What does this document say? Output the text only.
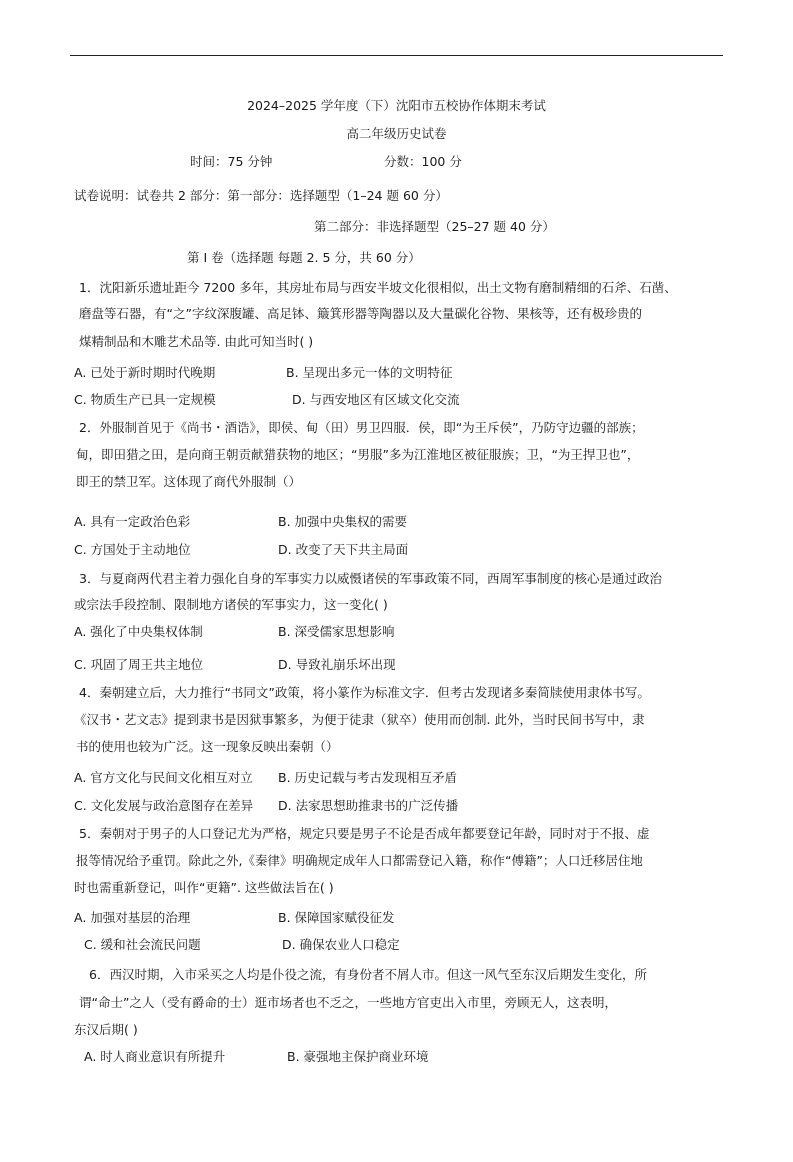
2024–2025 学年度（下）沈阳市五校协作体期末考试
高二年级历史试卷
时间：75 分钟	分数：100 分
试卷说明：试卷共 2 部分：第一部分：选择题型（1–24 题 60 分）
第二部分：非选择题型（25–27 题 40 分）
第 Ⅰ 卷（选择题 每题 2. 5 分，共 60 分）
1．沈阳新乐遗址距今 7200 多年，其房址布局与西安半坡文化很相似，出土文物有磨制精细的石斧、石凿、
磨盘等石器，有“之”字纹深腹罐、高足钵、簸箕形器等陶器以及大量碳化谷物、果核等，还有极珍贵的
煤精制品和木雕艺术品等. 由此可知当时( )
A. 已处于新时期时代晚期	B. 呈现出多元一体的文明特征
C. 物质生产已具一定规模	D. 与西安地区有区域文化交流
2．外服制首见于《尚书・酒诰》，即侯、甸（田）男卫四服．侯，即“为王斥侯”，乃防守边疆的部族；
甸，即田猎之田，是向商王朝贡献猎获物的地区；“男服”多为江淮地区被征服族；卫，“为王捍卫也”，
即王的禁卫军。这体现了商代外服制（）
A. 具有一定政治色彩	B. 加强中央集权的需要
C. 方国处于主动地位	D. 改变了天下共主局面
3．与夏商两代君主着力强化自身的军事实力以威慑诸侯的军事政策不同，西周军事制度的核心是通过政治
或宗法手段控制、限制地方诸侯的军事实力，这一变化( )
A. 强化了中央集权体制	B. 深受儒家思想影响
C. 巩固了周王共主地位	D. 导致礼崩乐坏出现
4．秦朝建立后，大力推行“书同文”政策，将小篆作为标准文字．但考古发现诸多秦简牍使用隶体书写。
《汉书・艺文志》提到隶书是因狱事繁多，为便于徒隶（狱卒）使用而创制. 此外，当时民间书写中，隶
书的使用也较为广泛。这一现象反映出秦朝（）
A. 官方文化与民间文化相互对立 B. 历史记载与考古发现相互矛盾
C. 文化发展与政治意图存在差异 D. 法家思想助推隶书的广泛传播
5．秦朝对于男子的人口登记尤为严格，规定只要是男子不论是否成年都要登记年龄，同时对于不报、虚
报等情况给予重罚。除此之外,《秦律》明确规定成年人口都需登记入籍，称作“傅籍”；人口迁移居住地
时也需重新登记，叫作“更籍”. 这些做法旨在( )
A. 加强对基层的治理	B. 保障国家赋役征发
C. 缓和社会流民问题	D. 确保农业人口稳定
6．西汉时期，入市采买之人均是仆役之流，有身份者不屑人市。但这一风气至东汉后期发生变化，所
谓“命士”之人（受有爵命的士）逛市场者也不乏之，一些地方官吏出入市里，旁顾无人，这表明，
东汉后期( )
A. 时人商业意识有所提升	B. 豪强地主保护商业环境
